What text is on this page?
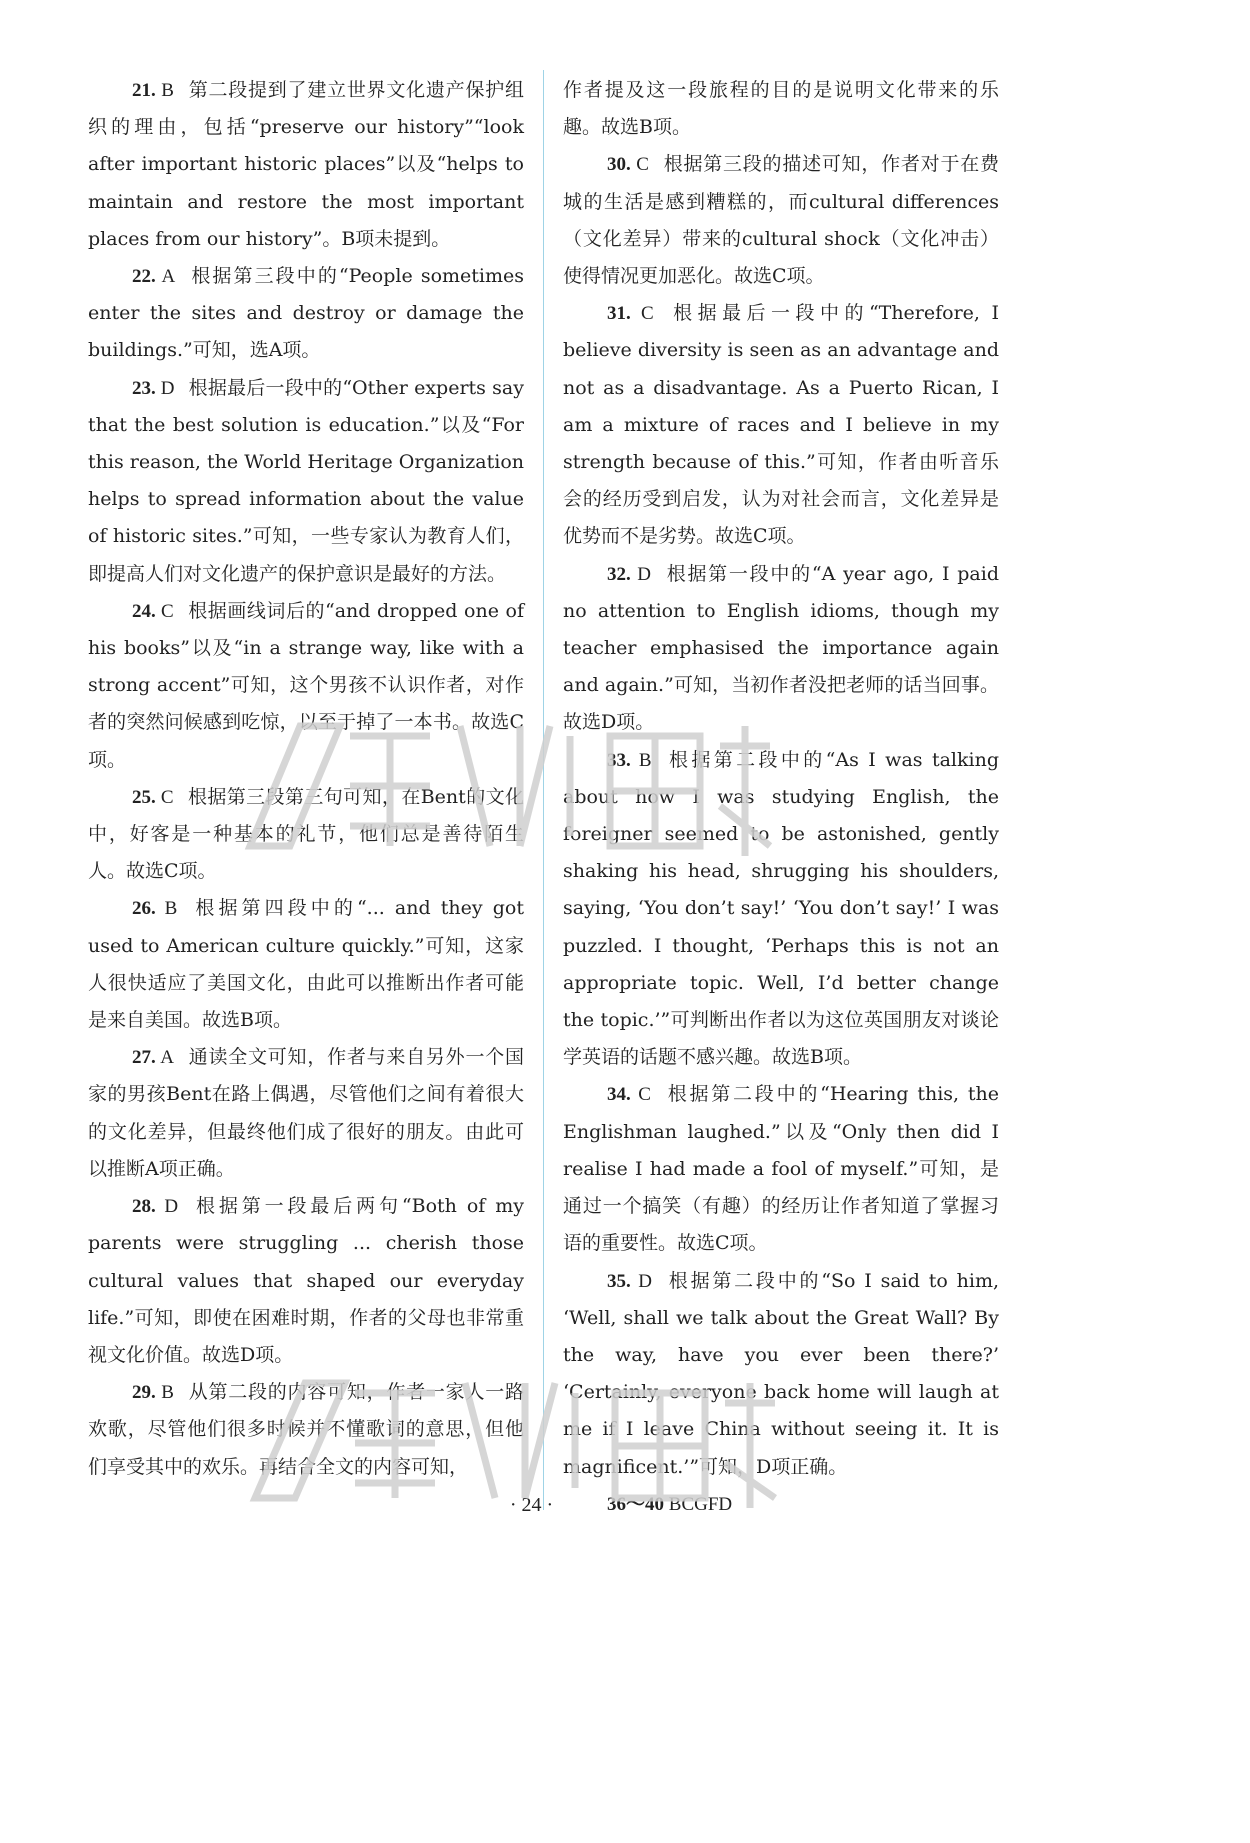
21. B 第二段提到了建立世界文化遗产保护组织的理由，包括“preserve our history”“look after important historic places”以及“helps to maintain and restore the most important places from our history”。B项未提到。

22. A 根据第三段中的“People sometimes enter the sites and destroy or damage the buildings.”可知，选A项。

23. D 根据最后一段中的“Other experts say that the best solution is education.”以及“For this reason, the World Heritage Organization helps to spread information about the value of historic sites.”可知，一些专家认为教育人们，即提高人们对文化遗产的保护意识是最好的方法。

24. C 根据画线词后的“and dropped one of his books”以及“in a strange way, like with a strong accent”可知，这个男孩不认识作者，对作者的突然问候感到吃惊，以至于掉了一本书。故选C项。

25. C 根据第三段第三句可知，在Bent的文化中，好客是一种基本的礼节，他们总是善待陌生人。故选C项。

26. B 根据第四段中的“... and they got used to American culture quickly.”可知，这家人很快适应了美国文化，由此可以推断出作者可能是来自美国。故选B项。

27. A 通读全文可知，作者与来自另外一个国家的男孩Bent在路上偶遇，尽管他们之间有着很大的文化差异，但最终他们成了很好的朋友。由此可以推断A项正确。

28. D 根据第一段最后两句“Both of my parents were struggling ... cherish those cultural values that shaped our everyday life.”可知，即使在困难时期，作者的父母也非常重视文化价值。故选D项。

29. B 从第二段的内容可知，作者一家人一路欢歌，尽管他们很多时候并不懂歌词的意思，但他们享受其中的欢乐。再结合全文的内容可知，

作者提及这一段旅程的目的是说明文化带来的乐趣。故选B项。

30. C 根据第三段的描述可知，作者对于在费城的生活是感到糟糕的，而cultural differences（文化差异）带来的cultural shock（文化冲击）使得情况更加恶化。故选C项。

31. C 根据最后一段中的“Therefore, I believe diversity is seen as an advantage and not as a disadvantage. As a Puerto Rican, I am a mixture of races and I believe in my strength because of this.”可知，作者由听音乐会的经历受到启发，认为对社会而言，文化差异是优势而不是劣势。故选C项。

32. D 根据第一段中的“A year ago, I paid no attention to English idioms, though my teacher emphasised the importance again and again.”可知，当初作者没把老师的话当回事。故选D项。

33. B 根据第二段中的“As I was talking about how I was studying English, the foreigner seemed to be astonished, gently shaking his head, shrugging his shoulders, saying, ‘You don’t say!’ ‘You don’t say!’ I was puzzled. I thought, ‘Perhaps this is not an appropriate topic. Well, I’d better change the topic.’”可判断出作者以为这位英国朋友对谈论学英语的话题不感兴趣。故选B项。

34. C 根据第二段中的“Hearing this, the Englishman laughed.”以及“Only then did I realise I had made a fool of myself.”可知，是通过一个搞笑（有趣）的经历让作者知道了掌握习语的重要性。故选C项。

35. D 根据第二段中的“So I said to him, ‘Well, shall we talk about the Great Wall? By the way, have you ever been there?’ ‘Certainly, everyone back home will laugh at me if I leave China without seeing it. It is magnificent.’”可知，D项正确。

36～40 BCGFD

· 24 ·
